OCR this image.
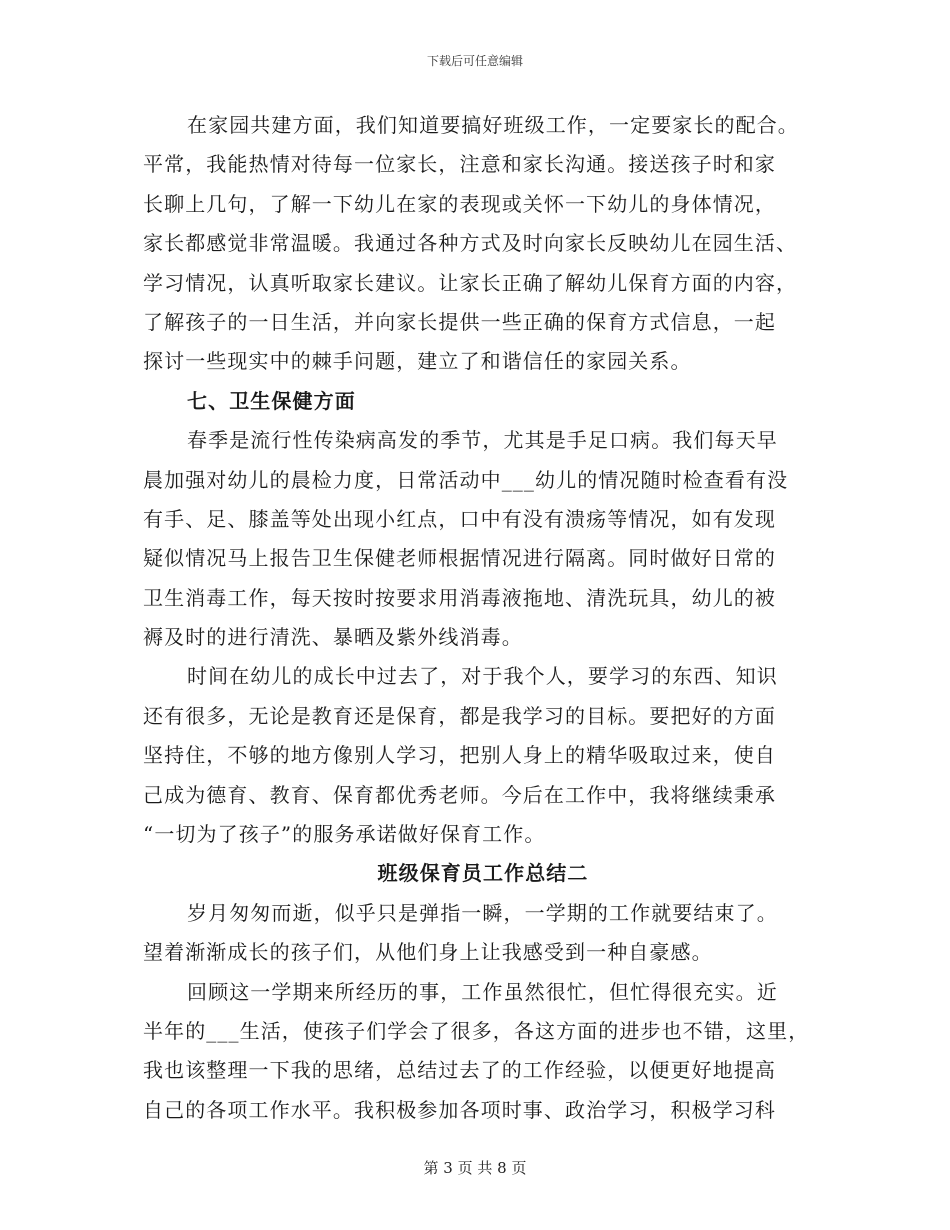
下载后可任意编辑
在家园共建方面，我们知道要搞好班级工作，一定要家长的配合。
平常，我能热情对待每一位家长，注意和家长沟通。接送孩子时和家
长聊上几句，了解一下幼儿在家的表现或关怀一下幼儿的身体情况，
家长都感觉非常温暖。我通过各种方式及时向家长反映幼儿在园生活、
学习情况，认真听取家长建议。让家长正确了解幼儿保育方面的内容，
了解孩子的一日生活，并向家长提供一些正确的保育方式信息，一起
探讨一些现实中的棘手问题，建立了和谐信任的家园关系。
七、卫生保健方面
春季是流行性传染病高发的季节，尤其是手足口病。我们每天早
晨加强对幼儿的晨检力度，日常活动中___幼儿的情况随时检查看有没
有手、足、膝盖等处出现小红点，口中有没有溃疡等情况，如有发现
疑似情况马上报告卫生保健老师根据情况进行隔离。同时做好日常的
卫生消毒工作，每天按时按要求用消毒液拖地、清洗玩具，幼儿的被
褥及时的进行清洗、暴晒及紫外线消毒。
时间在幼儿的成长中过去了，对于我个人，要学习的东西、知识
还有很多，无论是教育还是保育，都是我学习的目标。要把好的方面
坚持住，不够的地方像别人学习，把别人身上的精华吸取过来，使自
己成为德育、教育、保育都优秀老师。今后在工作中，我将继续秉承
“一切为了孩子”的服务承诺做好保育工作。
班级保育员工作总结二
岁月匆匆而逝，似乎只是弹指一瞬，一学期的工作就要结束了。
望着渐渐成长的孩子们，从他们身上让我感受到一种自豪感。
回顾这一学期来所经历的事，工作虽然很忙，但忙得很充实。近
半年的___生活，使孩子们学会了很多，各这方面的进步也不错，这里，
我也该整理一下我的思绪，总结过去了的工作经验，以便更好地提高
自己的各项工作水平。我积极参加各项时事、政治学习，积极学习科
第 3 页 共 8 页
